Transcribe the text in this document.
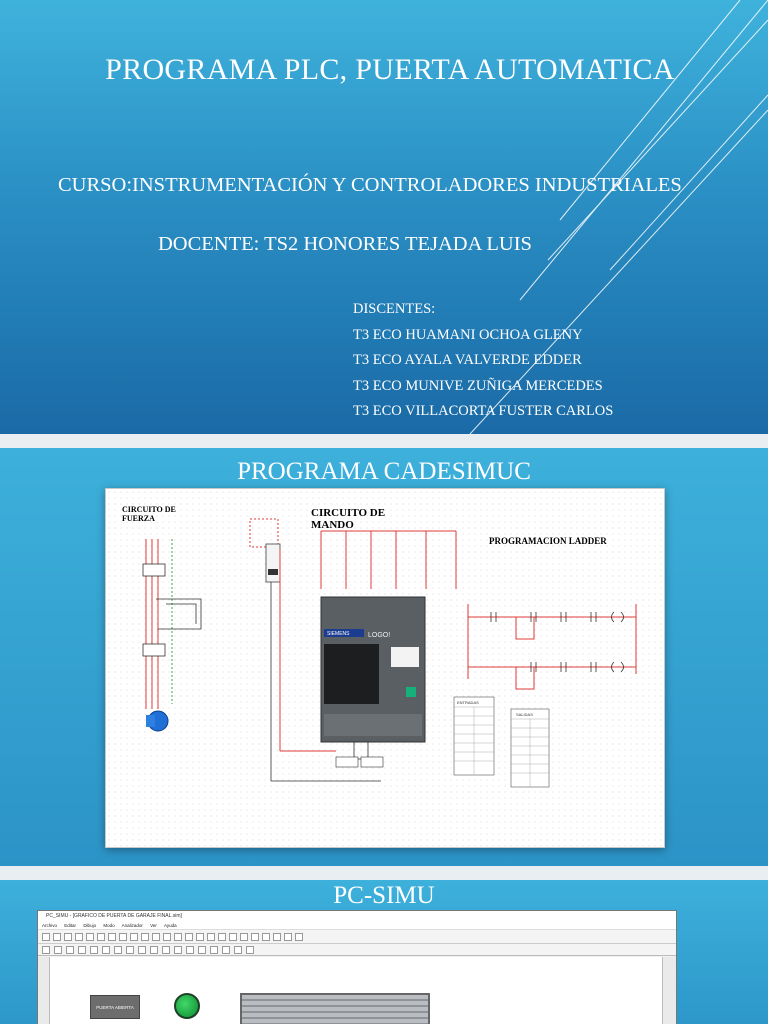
PROGRAMA PLC, PUERTA AUTOMATICA
CURSO:INSTRUMENTACIÓN Y CONTROLADORES INDUSTRIALES
DOCENTE: TS2 HONORES TEJADA LUIS
DISCENTES:
T3 ECO HUAMANI OCHOA GLENY
T3 ECO AYALA VALVERDE EDDER
T3 ECO MUNIVE ZUÑIGA MERCEDES
T3 ECO VILLACORTA FUSTER CARLOS
PROGRAMA CADESIMUC
CIRCUITO DE FUERZA	CIRCUITO DE MANDO
PROGRAMACION LADDER
SIEMENS	LOGO!
ENTRADAS
SALIDAS
PC-SIMU
PC_SIMU - [GRAFICO DE PUERTA DE GARAJE FINAL.sim]
Archivo Editar Dibujo Modo Analizador Ver Ayuda
PUERTA ABIERTA
